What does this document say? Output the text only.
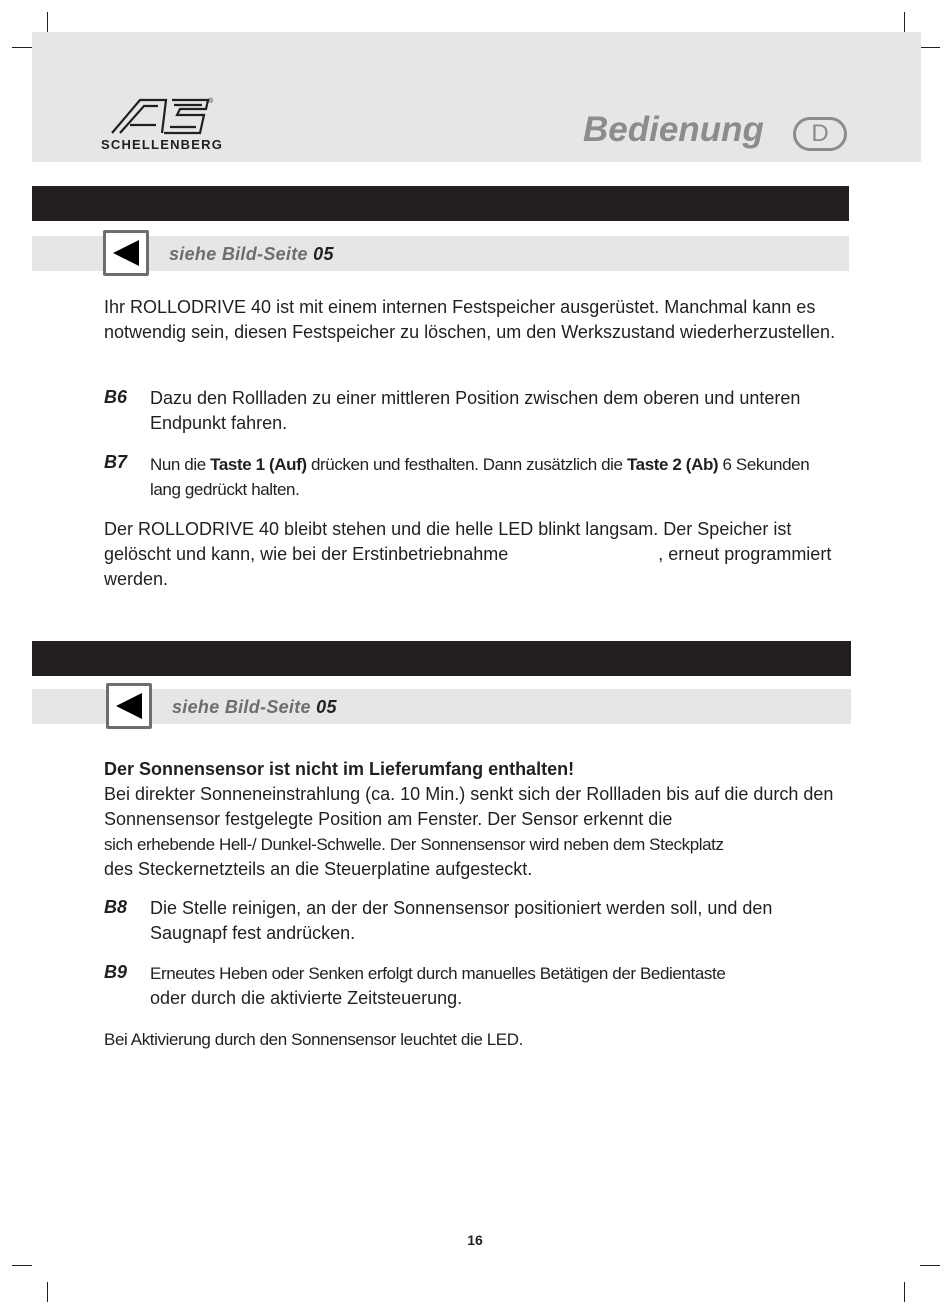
®
SCHELLENBERG	Bedienung	D
siehe Bild-Seite 05
Ihr ROLLODRIVE 40 ist mit einem internen Festspeicher ausgerüstet. Manchmal kann es notwendig sein, diesen Festspeicher zu löschen, um den Werkszustand wiederherzustellen.
B6 Dazu den Rollladen zu einer mittleren Position zwischen dem oberen und unteren Endpunkt fahren.
B7 Nun die Taste 1 (Auf) drücken und festhalten. Dann zusätzlich die Taste 2 (Ab) 6 Sekunden lang gedrückt halten.
Der ROLLODRIVE 40 bleibt stehen und die helle LED blinkt langsam. Der Speicher ist gelöscht und kann, wie bei der Erstinbetriebnahme	, erneut programmiert werden.
siehe Bild-Seite 05
Der Sonnensensor ist nicht im Lieferumfang enthalten!
Bei direkter Sonneneinstrahlung (ca. 10 Min.) senkt sich der Rollladen bis auf die durch den Sonnensensor festgelegte Position am Fenster. Der Sensor erkennt die
sich erhebende Hell-/ Dunkel-Schwelle. Der Sonnensensor wird neben dem Steckplatz
des Steckernetzteils an die Steuerplatine aufgesteckt.
B8 Die Stelle reinigen, an der der Sonnensensor positioniert werden soll, und den Saugnapf fest andrücken.
B9 Erneutes Heben oder Senken erfolgt durch manuelles Betätigen der Bedientaste
oder durch die aktivierte Zeitsteuerung.
Bei Aktivierung durch den Sonnensensor leuchtet die LED.
16
